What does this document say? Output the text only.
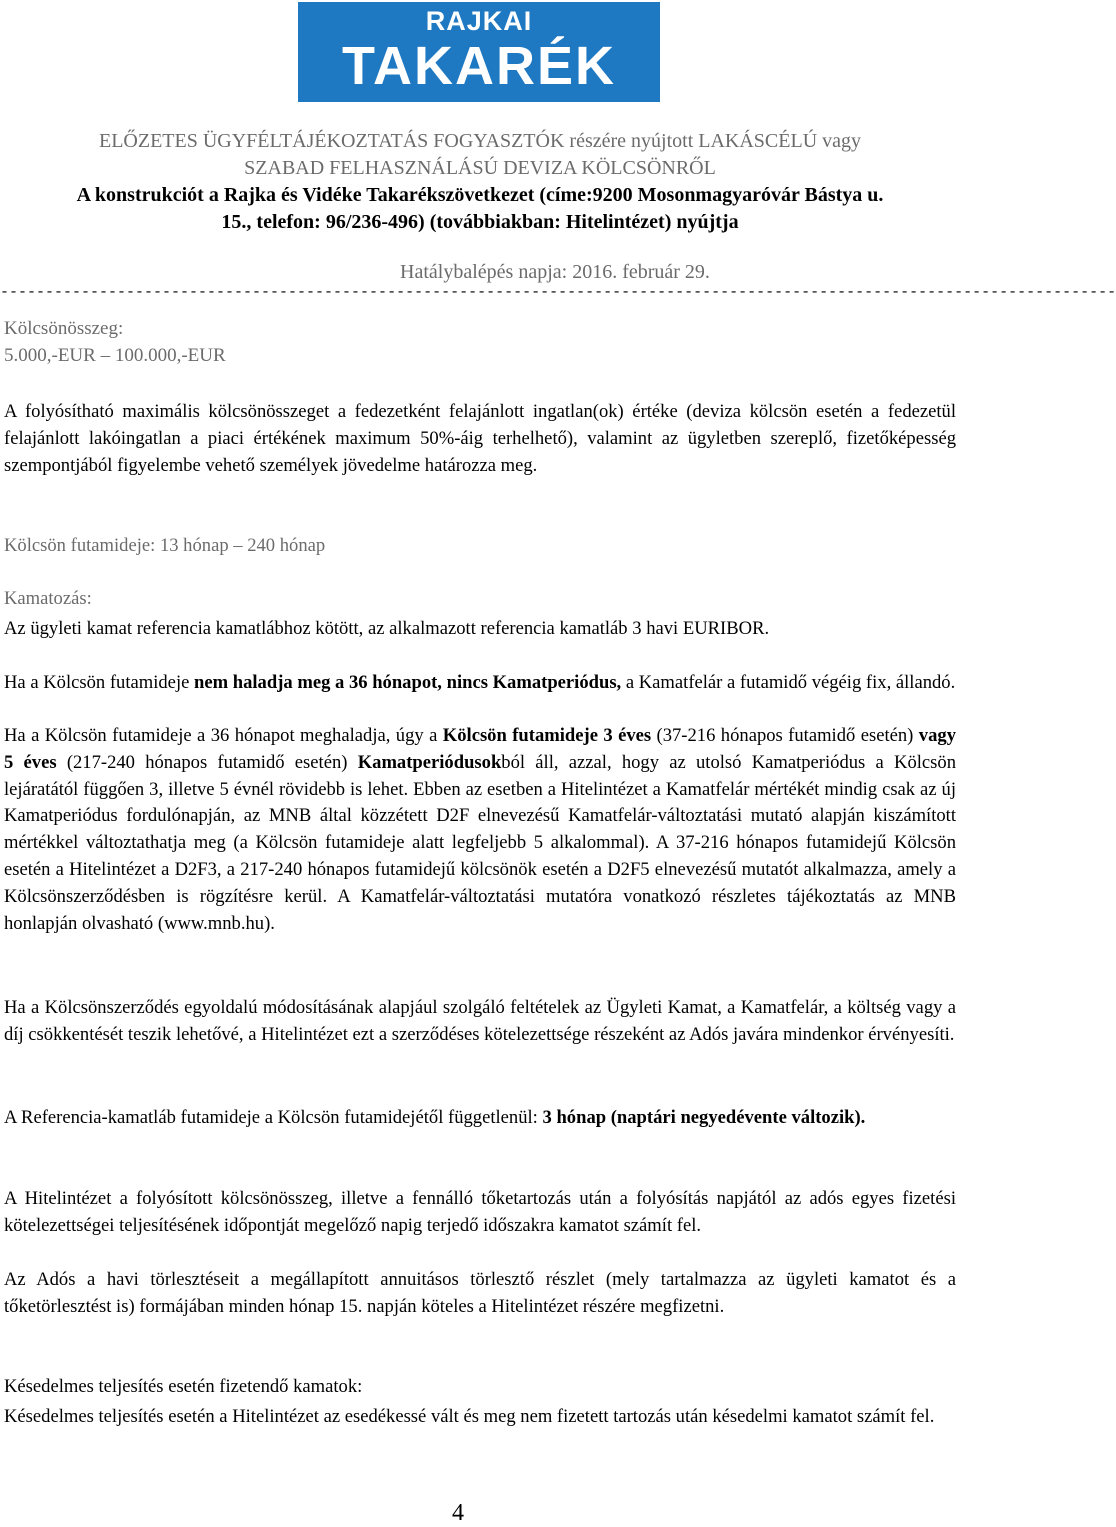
RAJKAI
TAKARÉK
ELŐZETES ÜGYFÉLTÁJÉKOZTATÁS FOGYASZTÓK részére nyújtott LAKÁSCÉLÚ vagy
SZABAD FELHASZNÁLÁSÚ DEVIZA KÖLCSÖNRŐL
A konstrukciót a Rajka és Vidéke Takarékszövetkezet (címe:9200 Mosonmagyaróvár Bástya u.
15., telefon: 96/236-496) (továbbiakban: Hitelintézet) nyújtja
Hatálybalépés napja: 2016. február 29.
----------------------------------------------------------------------------------------------------------------------------
Kölcsönösszeg:
5.000,-EUR – 100.000,-EUR

A folyósítható maximális kölcsönösszeget a fedezetként felajánlott ingatlan(ok) értéke (deviza kölcsön esetén a fedezetül felajánlott lakóingatlan a piaci értékének maximum 50%-áig terhelhető), valamint az ügyletben szereplő, fizetőképesség szempontjából figyelembe vehető személyek jövedelme határozza meg.

Kölcsön futamideje: 13 hónap – 240 hónap
Kamatozás:

Az ügyleti kamat referencia kamatlábhoz kötött, az alkalmazott referencia kamatláb 3 havi EURIBOR.

Ha a Kölcsön futamideje nem haladja meg a 36 hónapot, nincs Kamatperiódus, a Kamatfelár a futamidő végéig fix, állandó.

Ha a Kölcsön futamideje a 36 hónapot meghaladja, úgy a Kölcsön futamideje 3 éves (37-216 hónapos futamidő esetén) vagy 5 éves (217-240 hónapos futamidő esetén) Kamatperiódusokból áll, azzal, hogy az utolsó Kamatperiódus a Kölcsön lejáratától függően 3, illetve 5 évnél rövidebb is lehet. Ebben az esetben a Hitelintézet a Kamatfelár mértékét mindig csak az új Kamatperiódus fordulónapján, az MNB által közzétett D2F elnevezésű Kamatfelár-változtatási mutató alapján kiszámított mértékkel változtathatja meg (a Kölcsön futamideje alatt legfeljebb 5 alkalommal). A 37-216 hónapos futamidejű Kölcsön esetén a Hitelintézet a D2F3, a 217-240 hónapos futamidejű kölcsönök esetén a D2F5 elnevezésű mutatót alkalmazza, amely a Kölcsönszerződésben is rögzítésre kerül. A Kamatfelár-változtatási mutatóra vonatkozó részletes tájékoztatás az MNB honlapján olvasható (www.mnb.hu).

Ha a Kölcsönszerződés egyoldalú módosításának alapjául szolgáló feltételek az Ügyleti Kamat, a Kamatfelár, a költség vagy a díj csökkentését teszik lehetővé, a Hitelintézet ezt a szerződéses kötelezettsége részeként az Adós javára mindenkor érvényesíti.

A Referencia-kamatláb futamideje a Kölcsön futamidejétől függetlenül: 3 hónap (naptári negyedévente változik).

A Hitelintézet a folyósított kölcsönösszeg, illetve a fennálló tőketartozás után a folyósítás napjától az adós egyes fizetési kötelezettségei teljesítésének időpontját megelőző napig terjedő időszakra kamatot számít fel.

Az Adós a havi törlesztéseit a megállapított annuitásos törlesztő részlet (mely tartalmazza az ügyleti kamatot és a tőketörlesztést is) formájában minden hónap 15. napján köteles a Hitelintézet részére megfizetni.

Késedelmes teljesítés esetén fizetendő kamatok:

Késedelmes teljesítés esetén a Hitelintézet az esedékessé vált és meg nem fizetett tartozás után késedelmi kamatot számít fel.

4
